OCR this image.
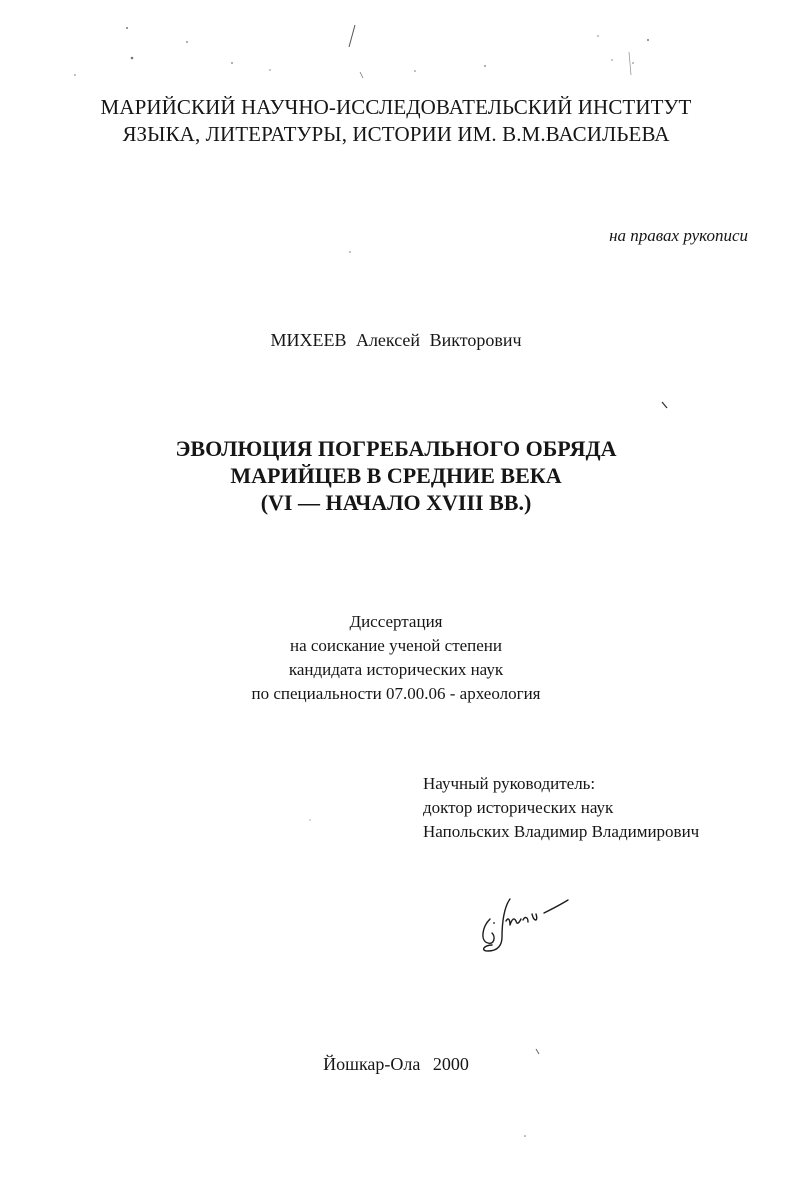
МАРИЙСКИЙ НАУЧНО-ИССЛЕДОВАТЕЛЬСКИЙ ИНСТИТУТ
ЯЗЫКА, ЛИТЕРАТУРЫ, ИСТОРИИ ИМ. В.М.ВАСИЛЬЕВА
на правах рукописи
МИХЕЕВ Алексей Викторович
ЭВОЛЮЦИЯ ПОГРЕБАЛЬНОГО ОБРЯДА
МАРИЙЦЕВ В СРЕДНИЕ ВЕКА
(VI — НАЧАЛО XVIII ВВ.)
Диссертация
на соискание ученой степени
кандидата исторических наук
по специальности 07.00.06 - археология
Научный руководитель:
доктор исторических наук
Напольских Владимир Владимирович
Йошкар-Ола 2000
